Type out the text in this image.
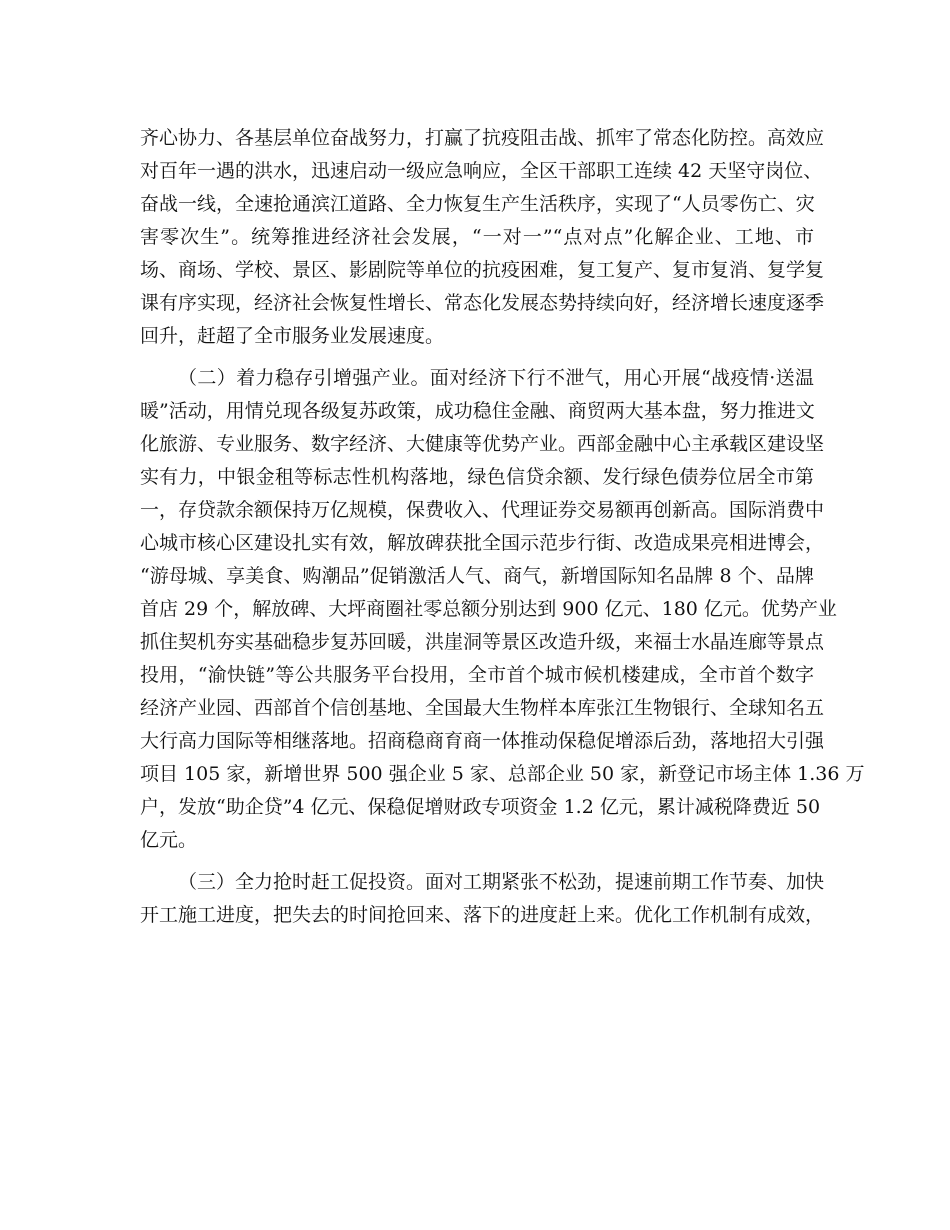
齐心协力、各基层单位奋战努力，打赢了抗疫阻击战、抓牢了常态化防控。高效应
对百年一遇的洪水，迅速启动一级应急响应，全区干部职工连续 42 天坚守岗位、
奋战一线，全速抢通滨江道路、全力恢复生产生活秩序，实现了“人员零伤亡、灾
害零次生”。统筹推进经济社会发展，“一对一”“点对点”化解企业、工地、市
场、商场、学校、景区、影剧院等单位的抗疫困难，复工复产、复市复消、复学复
课有序实现，经济社会恢复性增长、常态化发展态势持续向好，经济增长速度逐季
回升，赶超了全市服务业发展速度。
（二）着力稳存引增强产业。面对经济下行不泄气，用心开展“战疫情·送温
暖”活动，用情兑现各级复苏政策，成功稳住金融、商贸两大基本盘，努力推进文
化旅游、专业服务、数字经济、大健康等优势产业。西部金融中心主承载区建设坚
实有力，中银金租等标志性机构落地，绿色信贷余额、发行绿色债券位居全市第
一，存贷款余额保持万亿规模，保费收入、代理证券交易额再创新高。国际消费中
心城市核心区建设扎实有效，解放碑获批全国示范步行街、改造成果亮相进博会，
“游母城、享美食、购潮品”促销激活人气、商气，新增国际知名品牌 8 个、品牌
首店 29 个，解放碑、大坪商圈社零总额分别达到 900 亿元、180 亿元。优势产业
抓住契机夯实基础稳步复苏回暖，洪崖洞等景区改造升级，来福士水晶连廊等景点
投用，“渝快链”等公共服务平台投用，全市首个城市候机楼建成，全市首个数字
经济产业园、西部首个信创基地、全国最大生物样本库张江生物银行、全球知名五
大行高力国际等相继落地。招商稳商育商一体推动保稳促增添后劲，落地招大引强
项目 105 家，新增世界 500 强企业 5 家、总部企业 50 家，新登记市场主体 1.36 万
户，发放“助企贷”4 亿元、保稳促增财政专项资金 1.2 亿元，累计减税降费近 50
亿元。
（三）全力抢时赶工促投资。面对工期紧张不松劲，提速前期工作节奏、加快
开工施工进度，把失去的时间抢回来、落下的进度赶上来。优化工作机制有成效，
